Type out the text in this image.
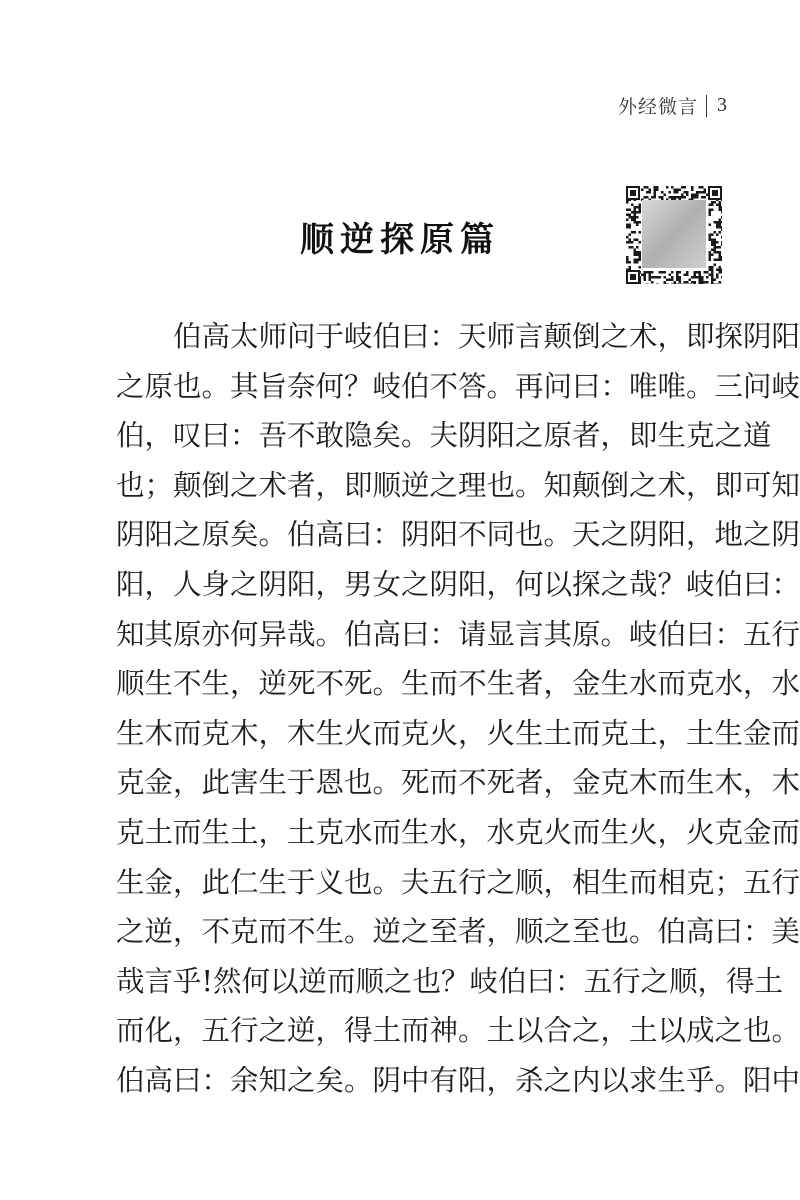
外经微言 3
顺逆探原篇
　　伯高太师问于岐伯曰：天师言颠倒之术，即探阴阳
之原也。其旨奈何？岐伯不答。再问曰：唯唯。三问岐
伯，叹曰：吾不敢隐矣。夫阴阳之原者，即生克之道
也；颠倒之术者，即顺逆之理也。知颠倒之术，即可知
阴阳之原矣。伯高曰：阴阳不同也。天之阴阳，地之阴
阳，人身之阴阳，男女之阴阳，何以探之哉？岐伯曰：
知其原亦何异哉。伯高曰：请显言其原。岐伯曰：五行
顺生不生，逆死不死。生而不生者，金生水而克水，水
生木而克木，木生火而克火，火生土而克土，土生金而
克金，此害生于恩也。死而不死者，金克木而生木，木
克土而生土，土克水而生水，水克火而生火，火克金而
生金，此仁生于义也。夫五行之顺，相生而相克；五行
之逆，不克而不生。逆之至者，顺之至也。伯高曰：美
哉言乎!然何以逆而顺之也？岐伯曰：五行之顺，得土
而化，五行之逆，得土而神。土以合之，土以成之也。
伯高曰：余知之矣。阴中有阳，杀之内以求生乎。阳中
